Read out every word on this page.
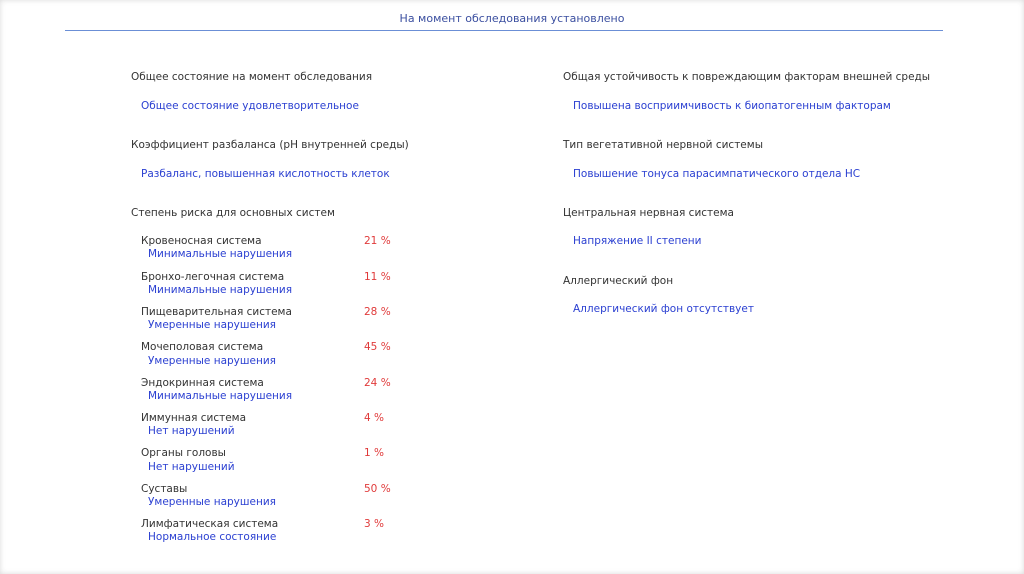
На момент обследования установлено
Общее состояние на момент обследования
Общее состояние удовлетворительное
Коэффициент разбаланса (pH внутренней среды)
Разбаланс, повышенная кислотность клеток
Степень риска для основных систем
Кровеносная система	21 %
Минимальные нарушения
Бронхо-легочная система	11 %
Минимальные нарушения
Пищеварительная система	28 %
Умеренные нарушения
Мочеполовая система	45 %
Умеренные нарушения
Эндокринная система	24 %
Минимальные нарушения
Иммунная система	4 %
Нет нарушений
Органы головы	1 %
Нет нарушений
Суставы	50 %
Умеренные нарушения
Лимфатическая система	3 %
Нормальное состояние
Общая устойчивость к повреждающим факторам внешней среды
Повышена восприимчивость к биопатогенным факторам
Тип вегетативной нервной системы
Повышение тонуса парасимпатического отдела НС
Центральная нервная система
Напряжение II степени
Аллергический фон
Аллергический фон отсутствует
